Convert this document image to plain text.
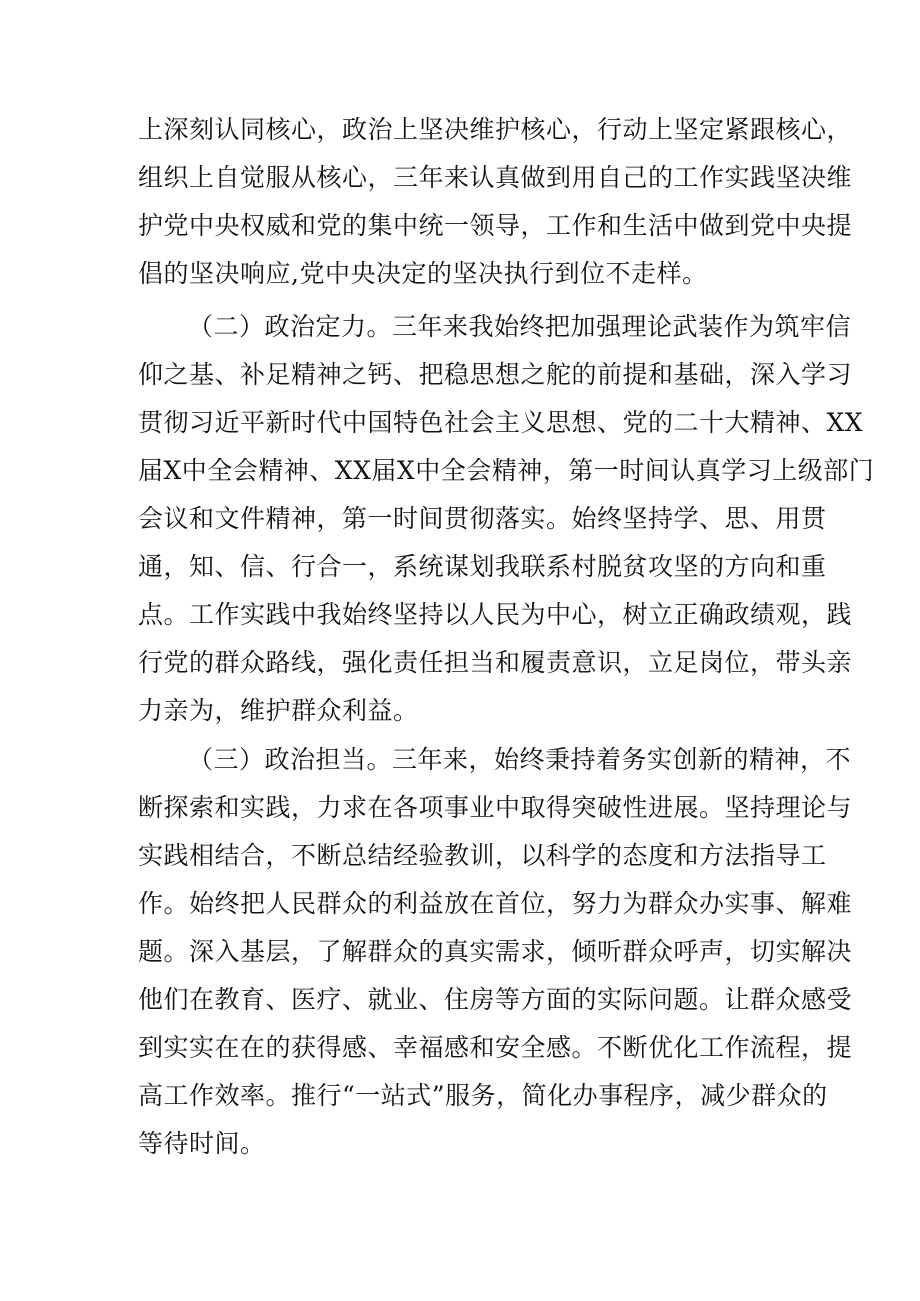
上深刻认同核心，政治上坚决维护核心，行动上坚定紧跟核心，
组织上自觉服从核心，三年来认真做到用自己的工作实践坚决维
护党中央权威和党的集中统一领导，工作和生活中做到党中央提
倡的坚决响应,党中央决定的坚决执行到位不走样。
（二）政治定力。三年来我始终把加强理论武装作为筑牢信
仰之基、补足精神之钙、把稳思想之舵的前提和基础，深入学习
贯彻习近平新时代中国特色社会主义思想、党的二十大精神、XX
届X中全会精神、XX届X中全会精神，第一时间认真学习上级部门
会议和文件精神，第一时间贯彻落实。始终坚持学、思、用贯
通，知、信、行合一，系统谋划我联系村脱贫攻坚的方向和重
点。工作实践中我始终坚持以人民为中心，树立正确政绩观，践
行党的群众路线，强化责任担当和履责意识，立足岗位，带头亲
力亲为，维护群众利益。
（三）政治担当。三年来，始终秉持着务实创新的精神，不
断探索和实践，力求在各项事业中取得突破性进展。坚持理论与
实践相结合，不断总结经验教训，以科学的态度和方法指导工
作。始终把人民群众的利益放在首位，努力为群众办实事、解难
题。深入基层，了解群众的真实需求，倾听群众呼声，切实解决
他们在教育、医疗、就业、住房等方面的实际问题。让群众感受
到实实在在的获得感、幸福感和安全感。不断优化工作流程，提
高工作效率。推行“一站式”服务，简化办事程序，减少群众的
等待时间。
